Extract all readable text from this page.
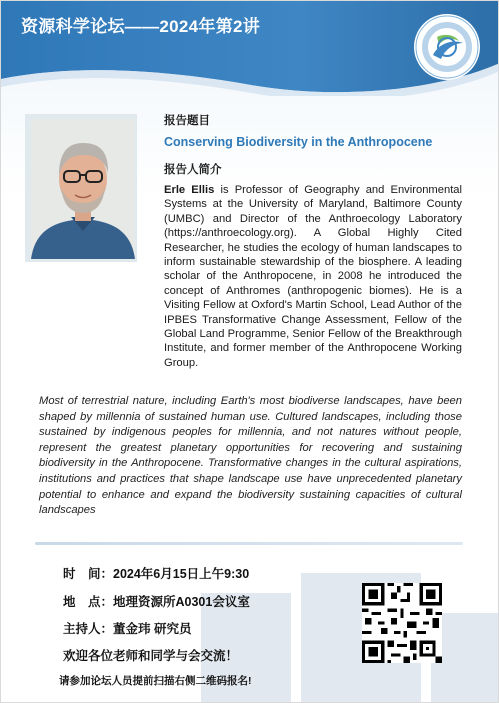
资源科学论坛——2024年第2讲
报告题目
Conserving Biodiversity in the Anthropocene
报告人简介
Erle Ellis is Professor of Geography and Environmental Systems at the University of Maryland, Baltimore County (UMBC) and Director of the Anthroecology Laboratory (https://anthroecology.org). A Global Highly Cited Researcher, he studies the ecology of human landscapes to inform sustainable stewardship of the biosphere. A leading scholar of the Anthropocene, in 2008 he introduced the concept of Anthromes (anthropogenic biomes). He is a Visiting Fellow at Oxford's Martin School, Lead Author of the IPBES Transformative Change Assessment, Fellow of the Global Land Programme, Senior Fellow of the Breakthrough Institute, and former member of the Anthropocene Working Group.
Most of terrestrial nature, including Earth's most biodiverse landscapes, have been shaped by millennia of sustained human use. Cultured landscapes, including those sustained by indigenous peoples for millennia, and not natures without people, represent the greatest planetary opportunities for recovering and sustaining biodiversity in the Anthropocene. Transformative changes in the cultural aspirations, institutions and practices that shape landscape use have unprecedented planetary potential to enhance and expand the biodiversity sustaining capacities of cultural landscapes
时　间：2024年6月15日上午9:30
地　点：地理资源所A0301会议室
主持人：董金玮 研究员
欢迎各位老师和同学与会交流！
请参加论坛人员提前扫描右侧二维码报名!
